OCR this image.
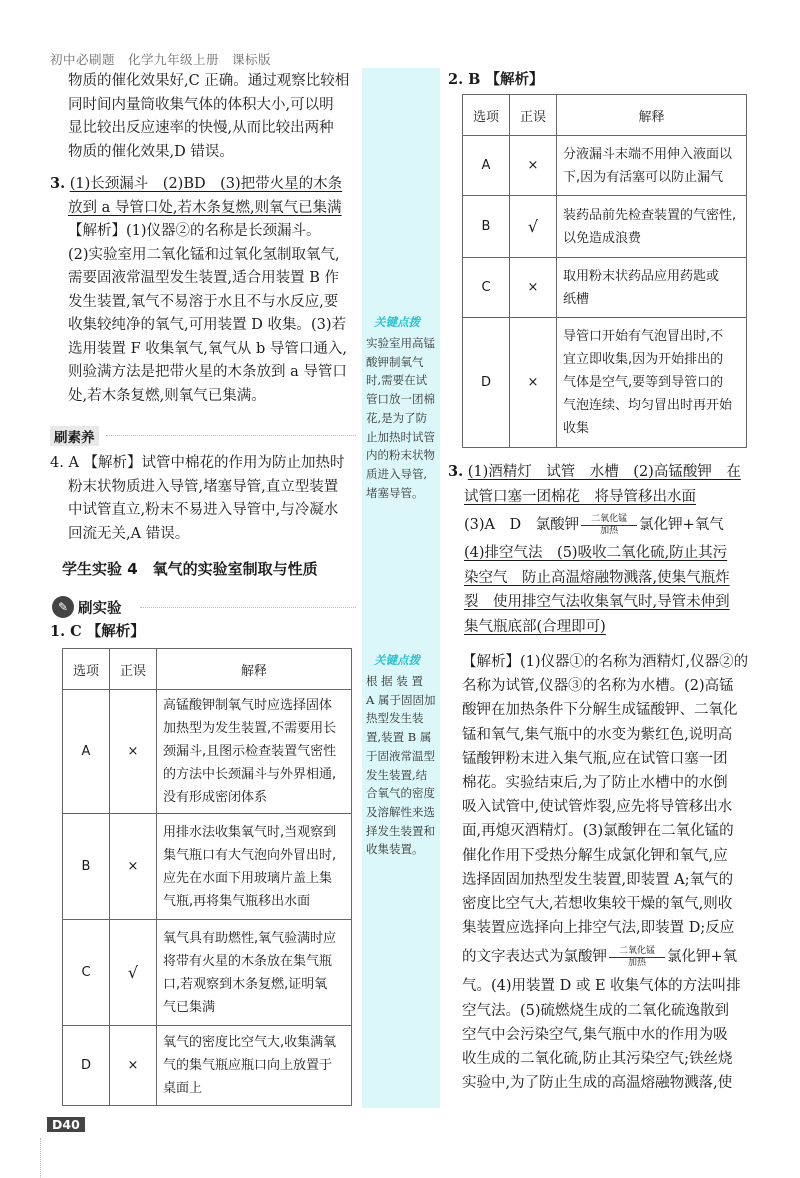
初中必刷题　化学九年级上册　课标版
关键点拨
实验室用高锰
酸钾制氧气
时,需要在试
管口放一团棉
花,是为了防
止加热时试管
内的粉末状物
质进入导管,
堵塞导管。
关键点拨
根 据 装 置
A 属于固固加
热型发生装
置,装置 B 属
于固液常温型
发生装置,结
合氧气的密度
及溶解性来选
择发生装置和
收集装置。
物质的催化效果好,C 正确。通过观察比较相
同时间内量筒收集气体的体积大小,可以明
显比较出反应速率的快慢,从而比较出两种
物质的催化效果,D 错误。
3. (1)长颈漏斗　(2)BD　(3)把带火星的木条
放到 a 导管口处,若木条复燃,则氧气已集满
【解析】(1)仪器②的名称是长颈漏斗。
(2)实验室用二氧化锰和过氧化氢制取氧气,
需要固液常温型发生装置,适合用装置 B 作
发生装置,氧气不易溶于水且不与水反应,要
收集较纯净的氧气,可用装置 D 收集。(3)若
选用装置 F 收集氧气,氧气从 b 导管口通入,
则验满方法是把带火星的木条放到 a 导管口
处,若木条复燃,则氧气已集满。
刷素养
4. A 【解析】试管中棉花的作用为防止加热时
粉末状物质进入导管,堵塞导管,直立型装置
中试管直立,粉末不易进入导管中,与冷凝水
回流无关,A 错误。
学生实验 4　氧气的实验室制取与性质
✎ 刷实验
1. C 【解析】
选项	正误	解释
A	×	高锰酸钾制氧气时应选择固体
加热型为发生装置,不需要用长
颈漏斗,且图示检查装置气密性
的方法中长颈漏斗与外界相通,
没有形成密闭体系

B	×	用排水法收集氧气时,当观察到
集气瓶口有大气泡向外冒出时,
应先在水面下用玻璃片盖上集
气瓶,再将集气瓶移出水面

C	√	氧气具有助燃性,氧气验满时应
将带有火星的木条放在集气瓶
口,若观察到木条复燃,证明氧
气已集满

D	×	氧气的密度比空气大,收集满氧
气的集气瓶应瓶口向上放置于
桌面上
2. B 【解析】
选项	正误	解释
A	×	分液漏斗末端不用伸入液面以
下,因为有活塞可以防止漏气

B	√	装药品前先检查装置的气密性,
以免造成浪费

C	×	取用粉末状药品应用药匙或
纸槽

D	×	导管口开始有气泡冒出时,不
宜立即收集,因为开始排出的
气体是空气,要等到导管口的
气泡连续、均匀冒出时再开始
收集
3. (1)酒精灯　试管　水槽　(2)高锰酸钾　在
试管口塞一团棉花　将导管移出水面
(3)A　D　氯酸钾	二氧化锰
加热	氯化钾+氧气
(4)排空气法　(5)吸收二氧化硫,防止其污
染空气　防止高温熔融物溅落,使集气瓶炸
裂　使用排空气法收集氧气时,导管未伸到
集气瓶底部(合理即可)
【解析】(1)仪器①的名称为酒精灯,仪器②的
名称为试管,仪器③的名称为水槽。(2)高锰
酸钾在加热条件下分解生成锰酸钾、二氧化
锰和氧气,集气瓶中的水变为紫红色,说明高
锰酸钾粉末进入集气瓶,应在试管口塞一团
棉花。实验结束后,为了防止水槽中的水倒
吸入试管中,使试管炸裂,应先将导管移出水
面,再熄灭酒精灯。(3)氯酸钾在二氧化锰的
催化作用下受热分解生成氯化钾和氧气,应
选择固固加热型发生装置,即装置 A;氧气的
密度比空气大,若想收集较干燥的氧气,则收
集装置应选择向上排空气法,即装置 D;反应
的文字表达式为氯酸钾	二氧化锰
加热	氯化钾+氧
气。(4)用装置 D 或 E 收集气体的方法叫排
空气法。(5)硫燃烧生成的二氧化硫逸散到
空气中会污染空气,集气瓶中水的作用为吸
收生成的二氧化硫,防止其污染空气;铁丝烧
实验中,为了防止生成的高温熔融物溅落,使
D40
